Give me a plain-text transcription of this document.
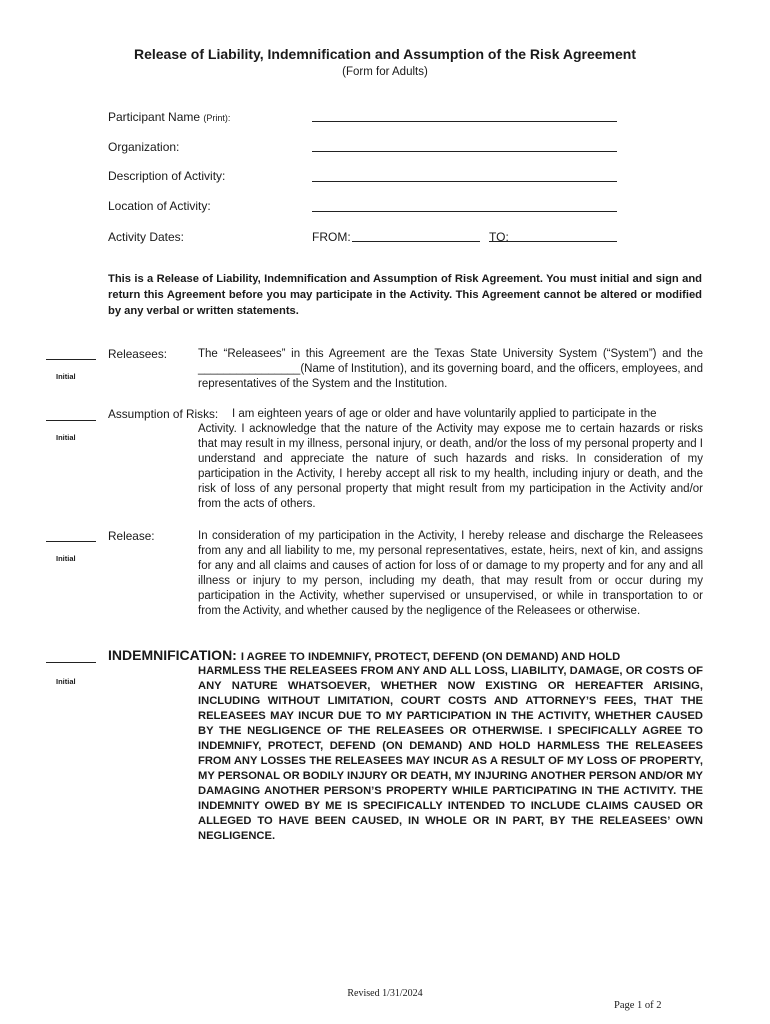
Release of Liability, Indemnification and Assumption of the Risk Agreement
(Form for Adults)
Participant Name (Print):
Organization:
Description of Activity:
Location of Activity:
Activity Dates:	FROM:	TO:
This is a Release of Liability, Indemnification and Assumption of Risk Agreement. You must initial and sign and return this Agreement before you may participate in the Activity. This Agreement cannot be altered or modified by any verbal or written statements.
Initial
Releasees:	The “Releasees” in this Agreement are the Texas State University System (“System”) and the ________________(Name of Institution), and its governing board, and the officers, employees, and representatives of the System and the Institution.
Initial
Assumption of Risks: I am eighteen years of age or older and have voluntarily applied to participate in the
Activity. I acknowledge that the nature of the Activity may expose me to certain hazards or risks that may result in my illness, personal injury, or death, and/or the loss of my personal property and I understand and appreciate the nature of such hazards and risks. In consideration of my participation in the Activity, I hereby accept all risk to my health, including injury or death, and the risk of loss of any personal property that might result from my participation in the Activity and/or from the acts of others.
Initial
Release:	In consideration of my participation in the Activity, I hereby release and discharge the Releasees from any and all liability to me, my personal representatives, estate, heirs, next of kin, and assigns for any and all claims and causes of action for loss of or damage to my property and for any and all illness or injury to my person, including my death, that may result from or occur during my participation in the Activity, whether supervised or unsupervised, or while in transportation to or from the Activity, and whether caused by the negligence of the Releasees or otherwise.
Initial
INDEMNIFICATION: I AGREE TO INDEMNIFY, PROTECT, DEFEND (ON DEMAND) AND HOLD
HARMLESS THE RELEASEES FROM ANY AND ALL LOSS, LIABILITY, DAMAGE, OR COSTS OF ANY NATURE WHATSOEVER, WHETHER NOW EXISTING OR HEREAFTER ARISING, INCLUDING WITHOUT LIMITATION, COURT COSTS AND ATTORNEY’S FEES, THAT THE RELEASEES MAY INCUR DUE TO MY PARTICIPATION IN THE ACTIVITY, WHETHER CAUSED BY THE NEGLIGENCE OF THE RELEASEES OR OTHERWISE. I SPECIFICALLY AGREE TO INDEMNIFY, PROTECT, DEFEND (ON DEMAND) AND HOLD HARMLESS THE RELEASEES FROM ANY LOSSES THE RELEASEES MAY INCUR AS A RESULT OF MY LOSS OF PROPERTY, MY PERSONAL OR BODILY INJURY OR DEATH, MY INJURING ANOTHER PERSON AND/OR MY DAMAGING ANOTHER PERSON’S PROPERTY WHILE PARTICIPATING IN THE ACTIVITY. THE INDEMNITY OWED BY ME IS SPECIFICALLY INTENDED TO INCLUDE CLAIMS CAUSED OR ALLEGED TO HAVE BEEN CAUSED, IN WHOLE OR IN PART, BY THE RELEASEES’ OWN NEGLIGENCE.
Revised 1/31/2024
Page 1 of 2
